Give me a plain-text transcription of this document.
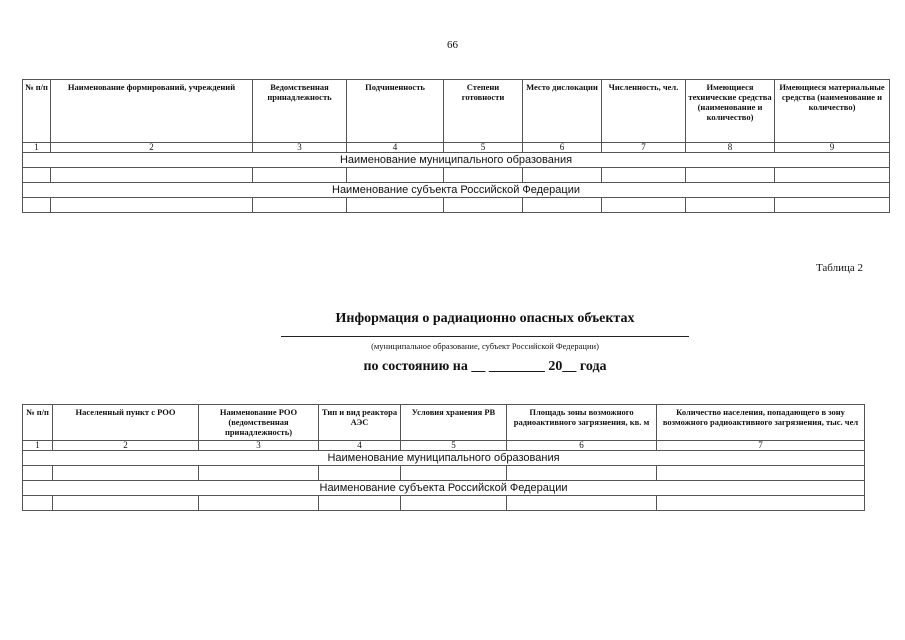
66
№ п/п	Наименование формирований, учреждений	Ведомственная принадлежность	Подчиненность	Степени готовности	Место дислокации	Численность, чел.	Имеющиеся технические средства (наименование и количество)	Имеющиеся материальные средства (наименование и количество)
1	2	3	4	5	6	7	8	9
Наименование муниципального образования								

Наименование субъекта Российской Федерации								

Таблица 2
Информация о радиационно опасных объектах
(муниципальное образование, субъект Российской Федерации)
по состоянию на __ ________ 20__ года
№ п/п	Населенный пункт с РОО	Наименование РОО (ведомственная принадлежность)	Тип и вид реактора АЭС	Условия хранения РВ	Площадь зоны возможного радиоактивного загрязнения, кв. м	Количество населения, попадающего в зону возможного радиоактивного загрязнения, тыс. чел
1	2	3	4	5	6	7
Наименование муниципального образования						

Наименование субъекта Российской Федерации						
